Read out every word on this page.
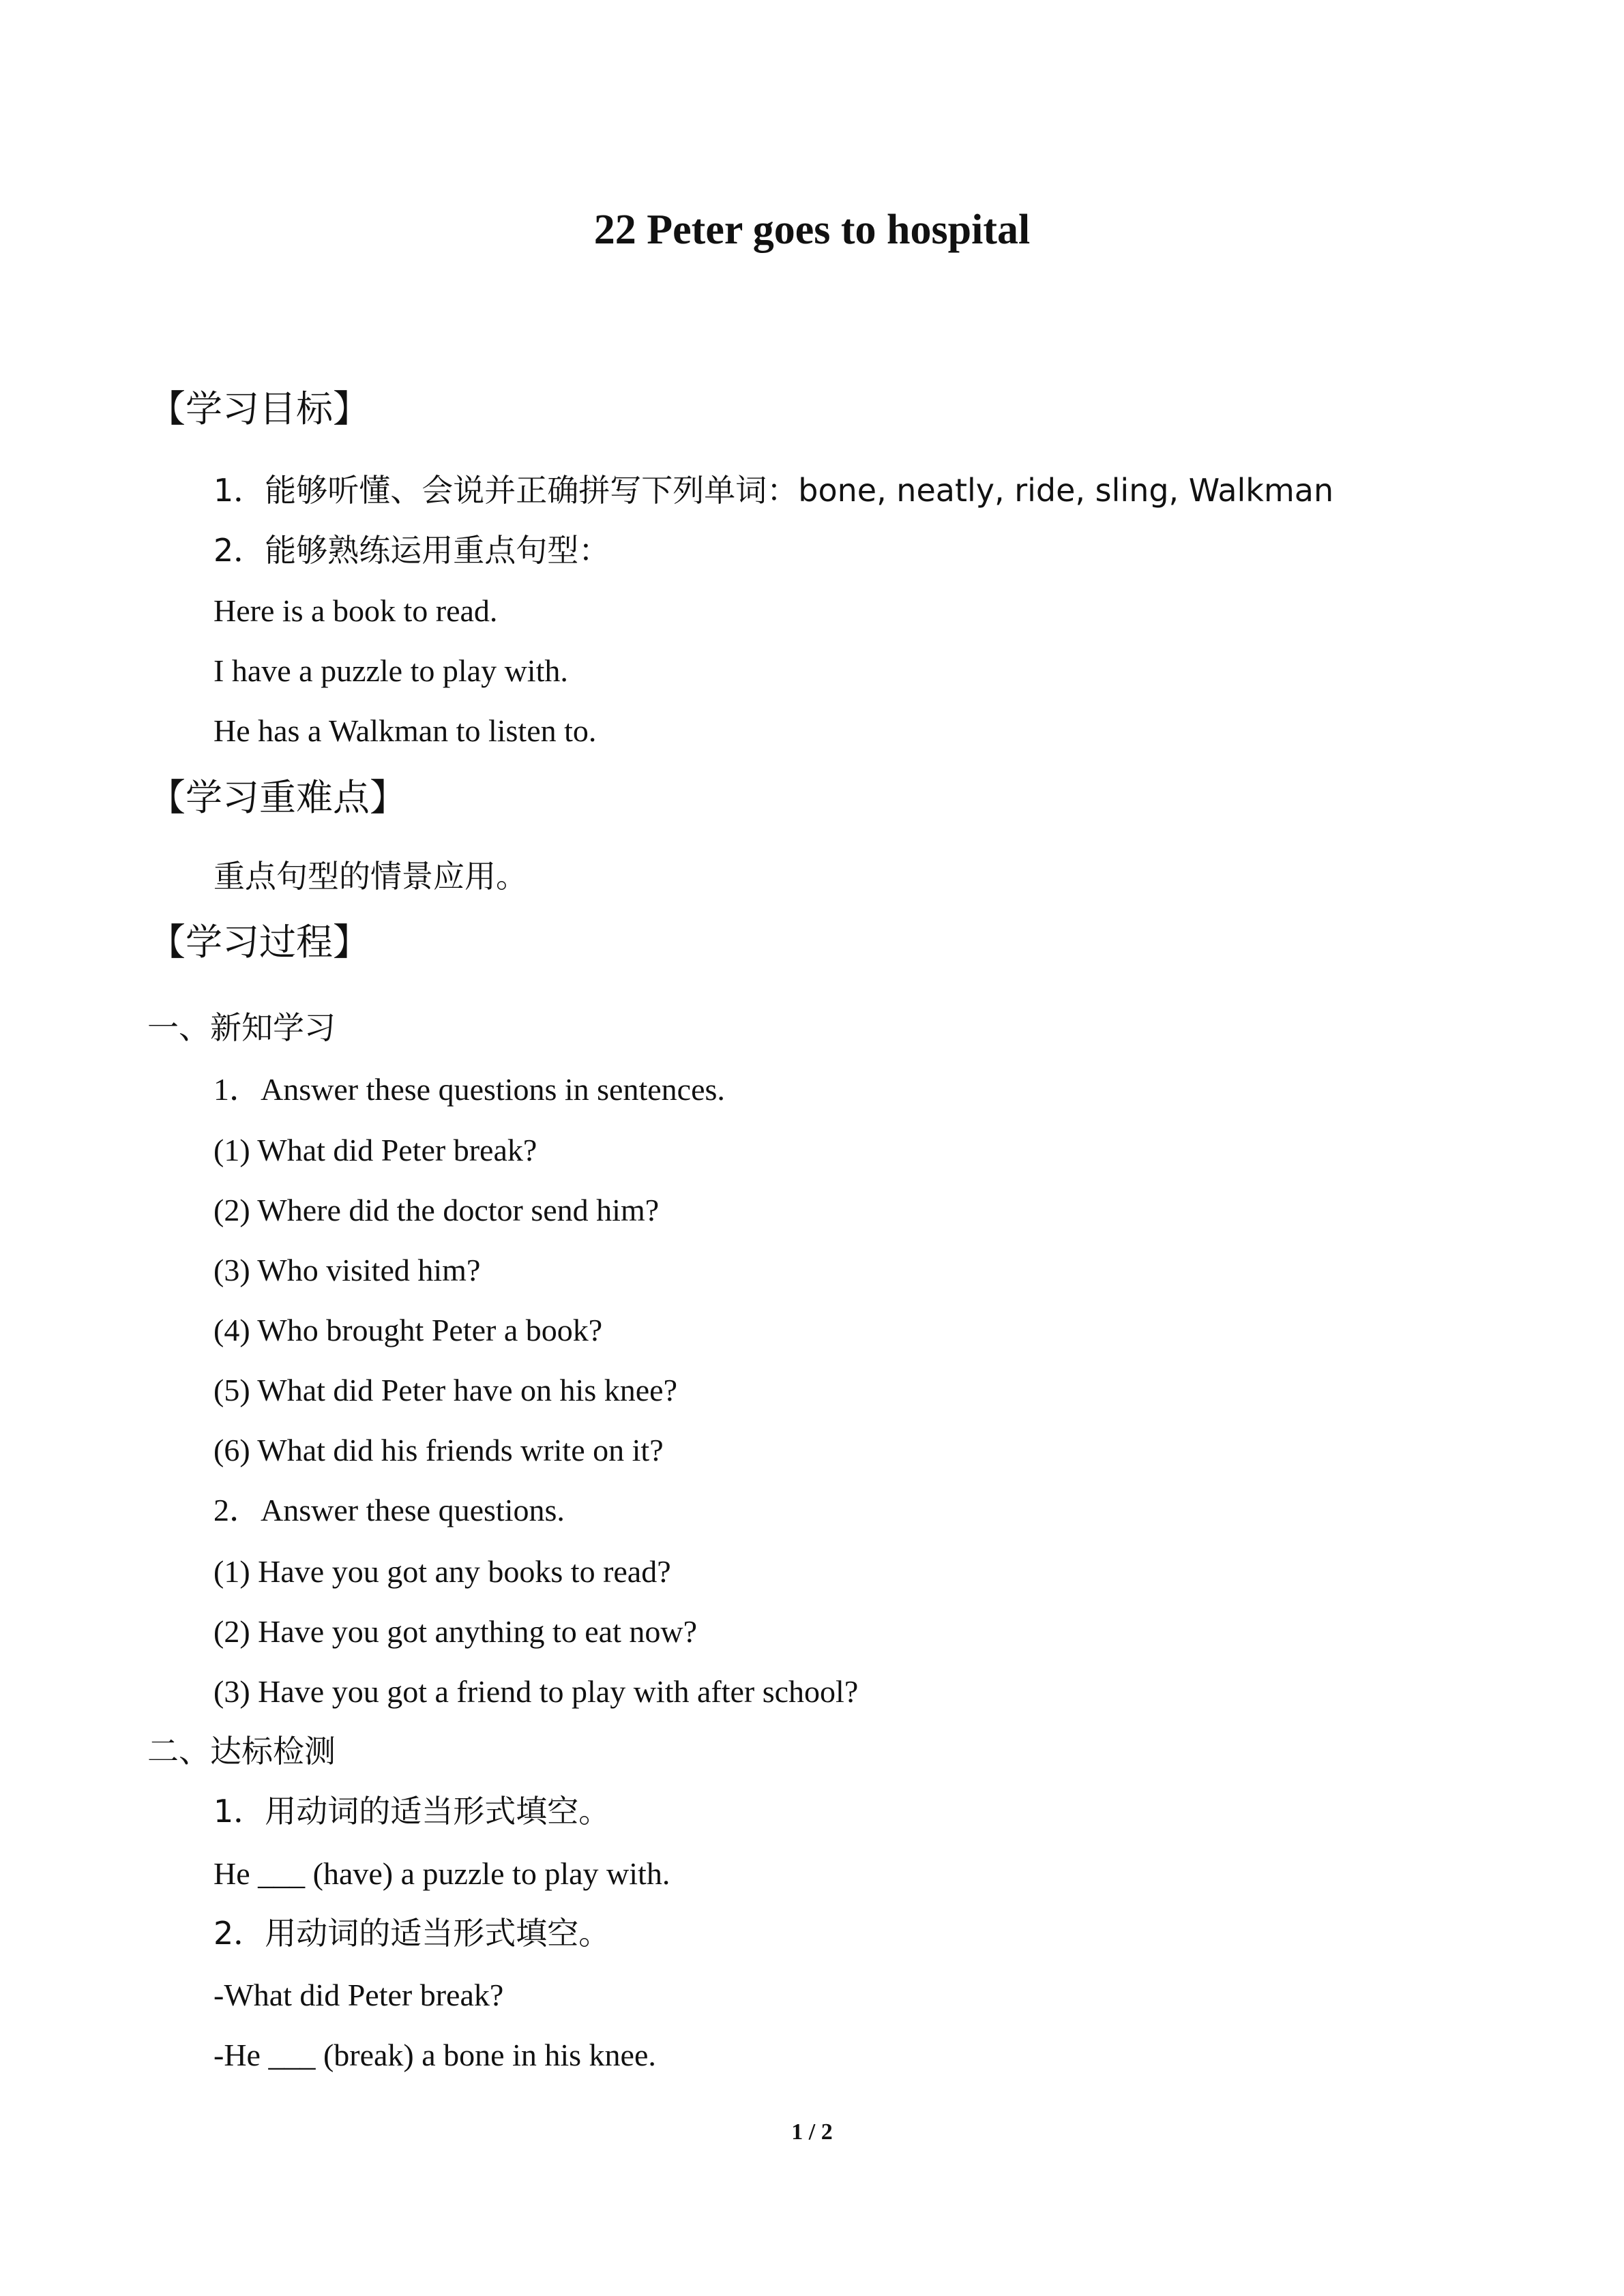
22 Peter goes to hospital
【学习目标】
1．能够听懂、会说并正确拼写下列单词：bone, neatly, ride, sling, Walkman
2．能够熟练运用重点句型：
Here is a book to read.
I have a puzzle to play with.
He has a Walkman to listen to.
【学习重难点】
重点句型的情景应用。
【学习过程】
一、新知学习
1．Answer these questions in sentences.
(1) What did Peter break?
(2) Where did the doctor send him?
(3) Who visited him?
(4) Who brought Peter a book?
(5) What did Peter have on his knee?
(6) What did his friends write on it?
2．Answer these questions.
(1) Have you got any books to read?
(2) Have you got anything to eat now?
(3) Have you got a friend to play with after school?
二、达标检测
1．用动词的适当形式填空。
He ___ (have) a puzzle to play with.
2．用动词的适当形式填空。
-What did Peter break?
-He ___ (break) a bone in his knee.
1 / 2
